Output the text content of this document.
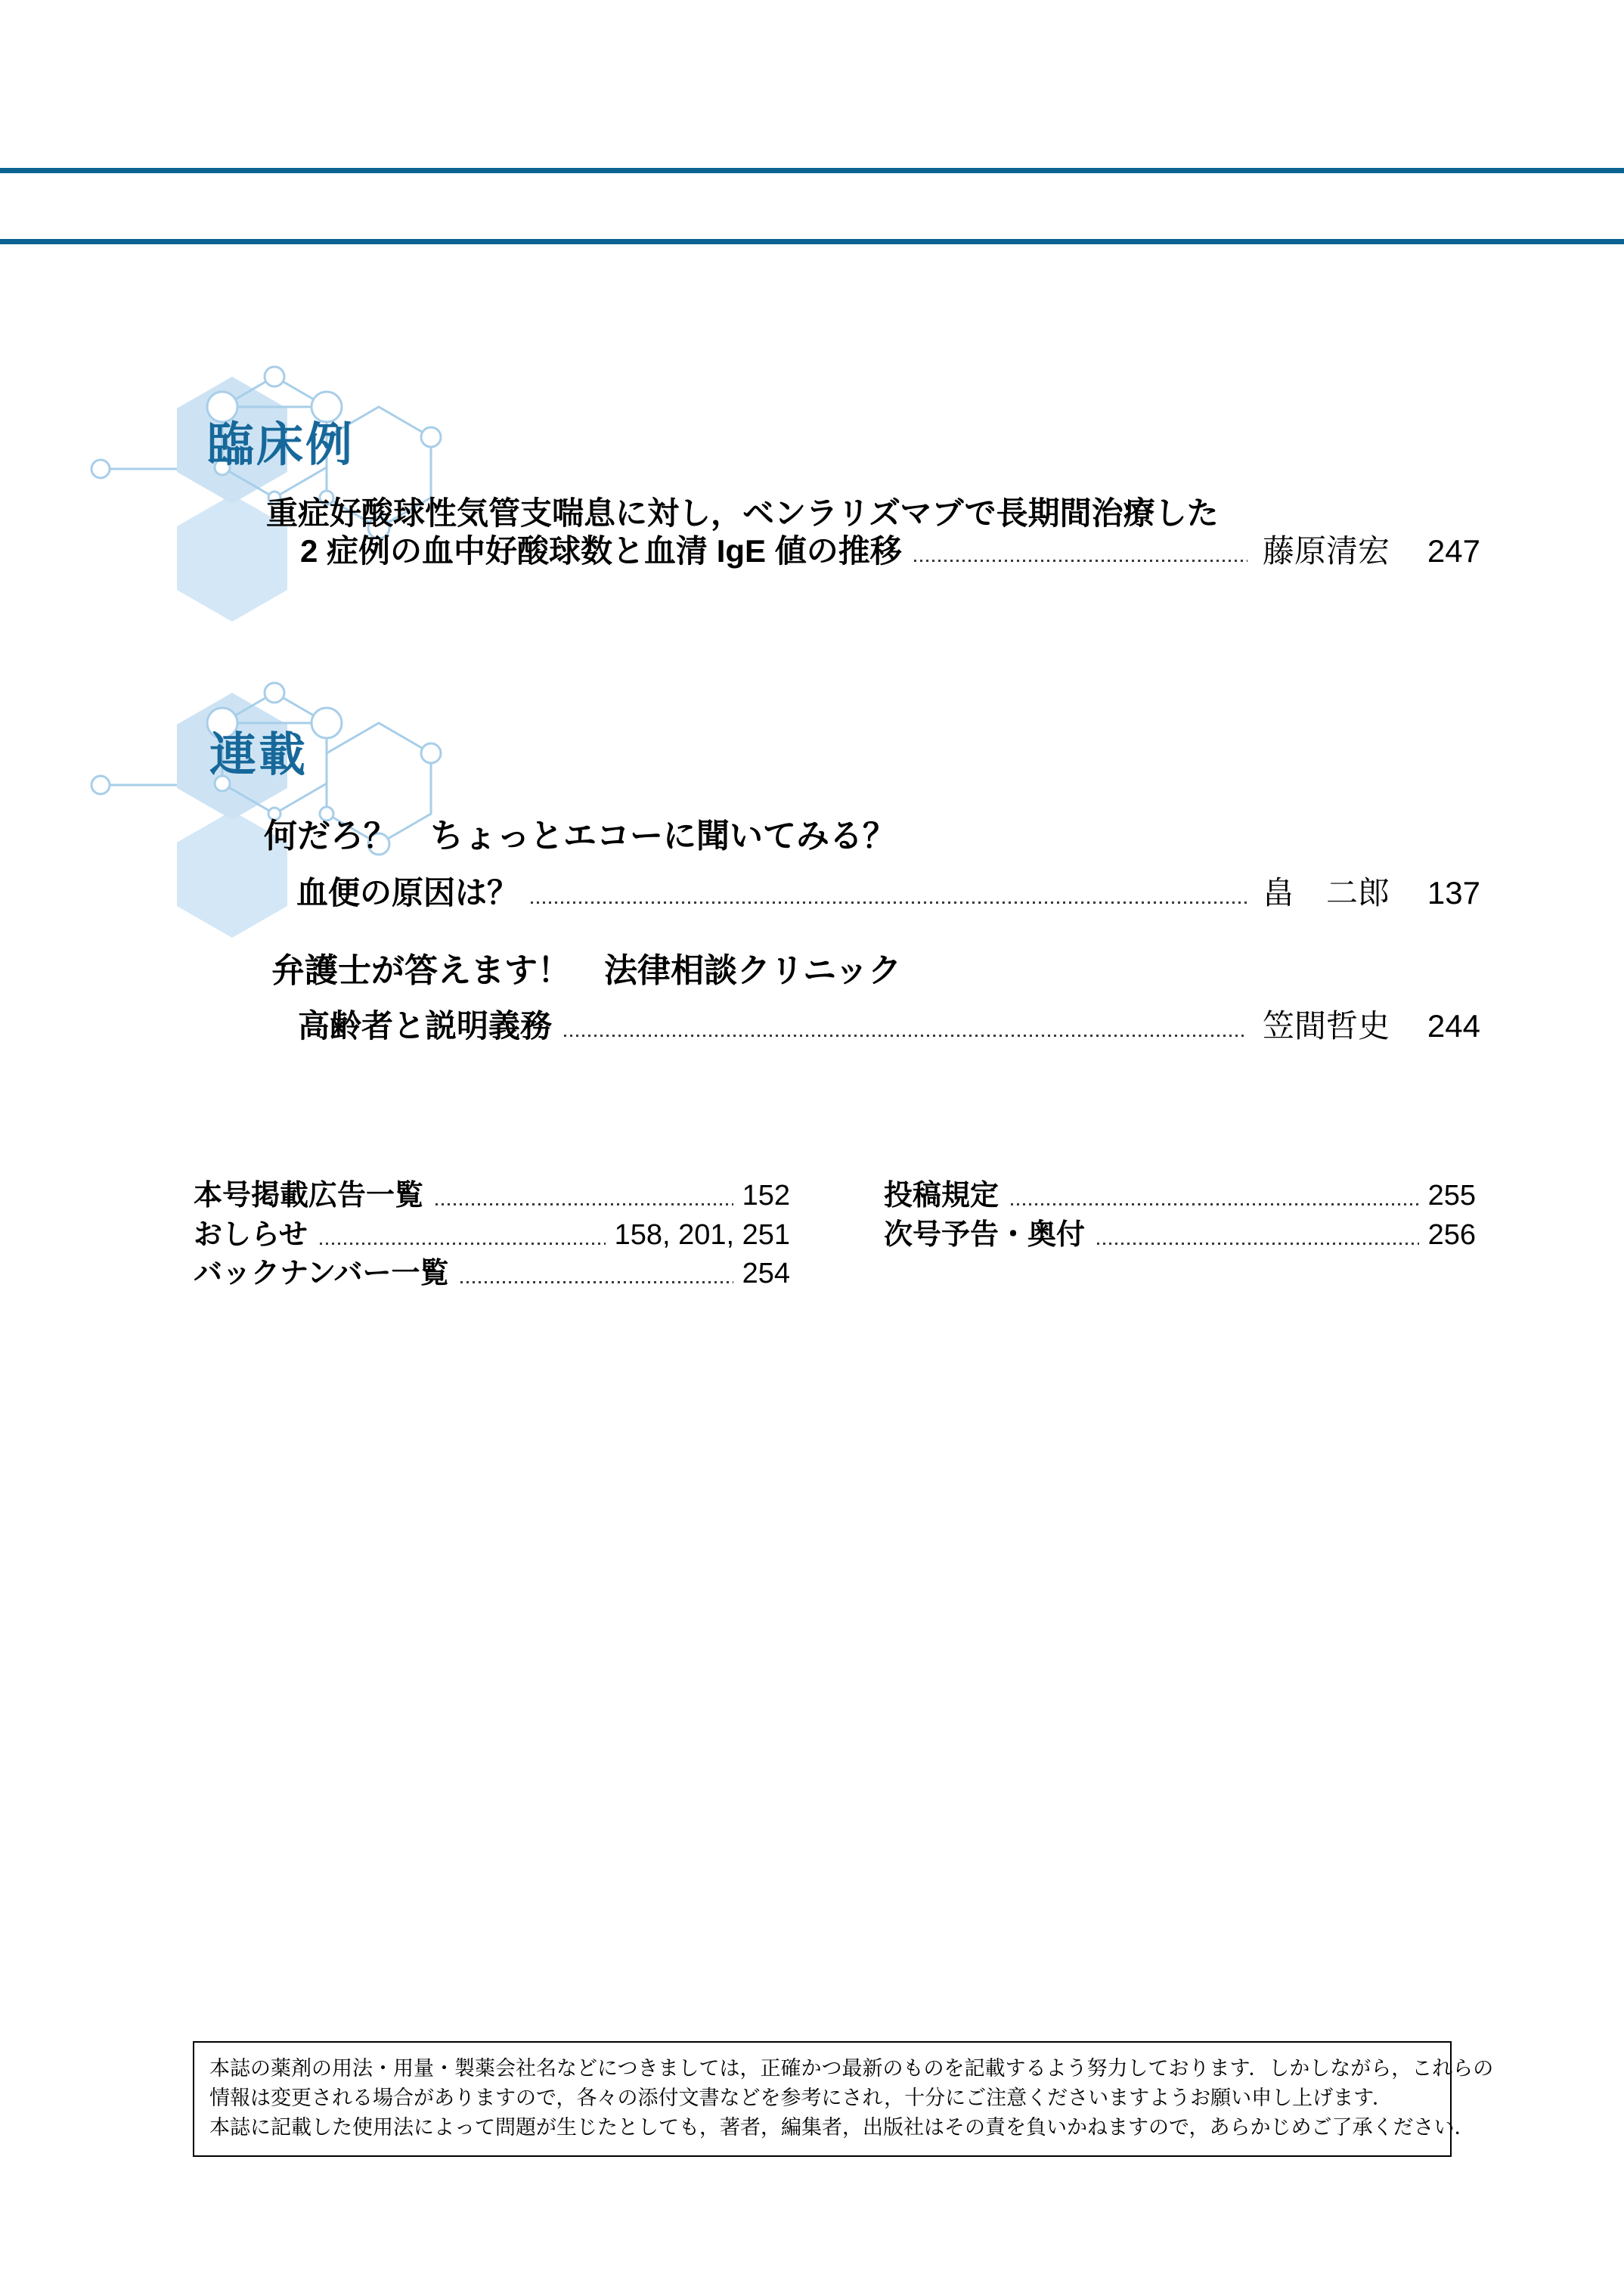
臨床例
重症好酸球性気管支喘息に対し，ベンラリズマブで長期間治療した
2 症例の血中好酸球数と血清 IgE 値の推移	藤原清宏	247
連載
何だろ？　ちょっとエコーに聞いてみる？
血便の原因は？	畠　二郎	137
弁護士が答えます！　法律相談クリニック
高齢者と説明義務	笠間哲史	244
本号掲載広告一覧	152
おしらせ	158, 201, 251
バックナンバー一覧	254
投稿規定	255
次号予告・奥付	256

本誌の薬剤の用法・用量・製薬会社名などにつきましては，正確かつ最新のものを記載するよう努力しております．しかしながら，これらの

情報は変更される場合がありますので，各々の添付文書などを参考にされ，十分にご注意くださいますようお願い申し上げます．

本誌に記載した使用法によって問題が生じたとしても，著者，編集者，出版社はその責を負いかねますので，あらかじめご了承ください．
